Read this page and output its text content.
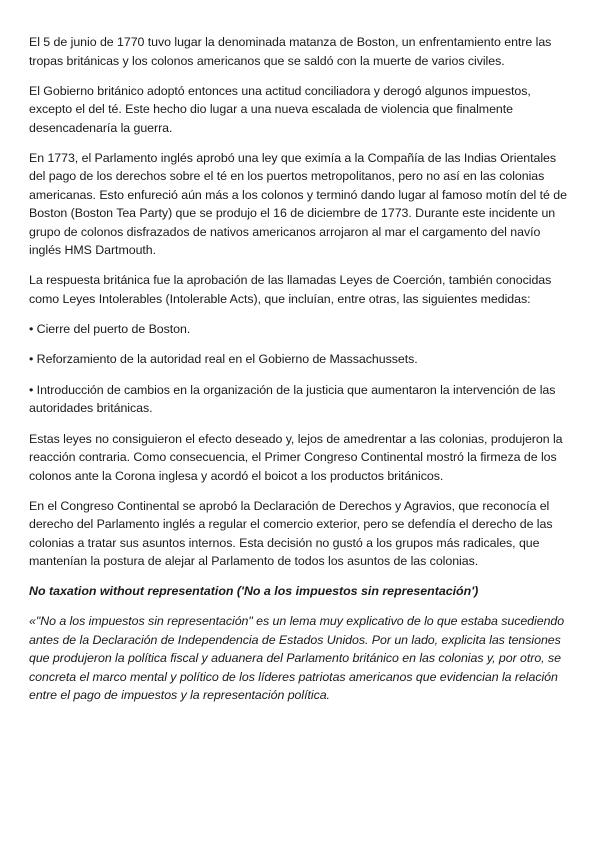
El 5 de junio de 1770 tuvo lugar la denominada matanza de Boston, un enfrentamiento entre las tropas británicas y los colonos americanos que se saldó con la muerte de varios civiles.

El Gobierno británico adoptó entonces una actitud conciliadora y derogó algunos impuestos, excepto el del té. Este hecho dio lugar a una nueva escalada de violencia que finalmente desencadenaría la guerra.

En 1773, el Parlamento inglés aprobó una ley que eximía a la Compañía de las Indias Orientales del pago de los derechos sobre el té en los puertos metropolitanos, pero no así en las colonias americanas. Esto enfureció aún más a los colonos y terminó dando lugar al famoso motín del té de Boston (Boston Tea Party) que se produjo el 16 de diciembre de 1773. Durante este incidente un grupo de colonos disfrazados de nativos americanos arrojaron al mar el cargamento del navío inglés HMS Dartmouth.

La respuesta británica fue la aprobación de las llamadas Leyes de Coerción, también conocidas como Leyes Intolerables (Intolerable Acts), que incluían, entre otras, las siguientes medidas:

• Cierre del puerto de Boston.

• Reforzamiento de la autoridad real en el Gobierno de Massachussets.

• Introducción de cambios en la organización de la justicia que aumentaron la intervención de las autoridades británicas.

Estas leyes no consiguieron el efecto deseado y, lejos de amedrentar a las colonias, produjeron la reacción contraria. Como consecuencia, el Primer Congreso Continental mostró la firmeza de los colonos ante la Corona inglesa y acordó el boicot a los productos británicos.

En el Congreso Continental se aprobó la Declaración de Derechos y Agravios, que reconocía el derecho del Parlamento inglés a regular el comercio exterior, pero se defendía el derecho de las colonias a tratar sus asuntos internos. Esta decisión no gustó a los grupos más radicales, que mantenían la postura de alejar al Parlamento de todos los asuntos de las colonias.

No taxation without representation ('No a los impuestos sin representación')

«"No a los impuestos sin representación" es un lema muy explicativo de lo que estaba sucediendo antes de la Declaración de Independencia de Estados Unidos. Por un lado, explicita las tensiones que produjeron la política fiscal y aduanera del Parlamento británico en las colonias y, por otro, se concreta el marco mental y político de los líderes patriotas americanos que evidencian la relación entre el pago de impuestos y la representación política.
